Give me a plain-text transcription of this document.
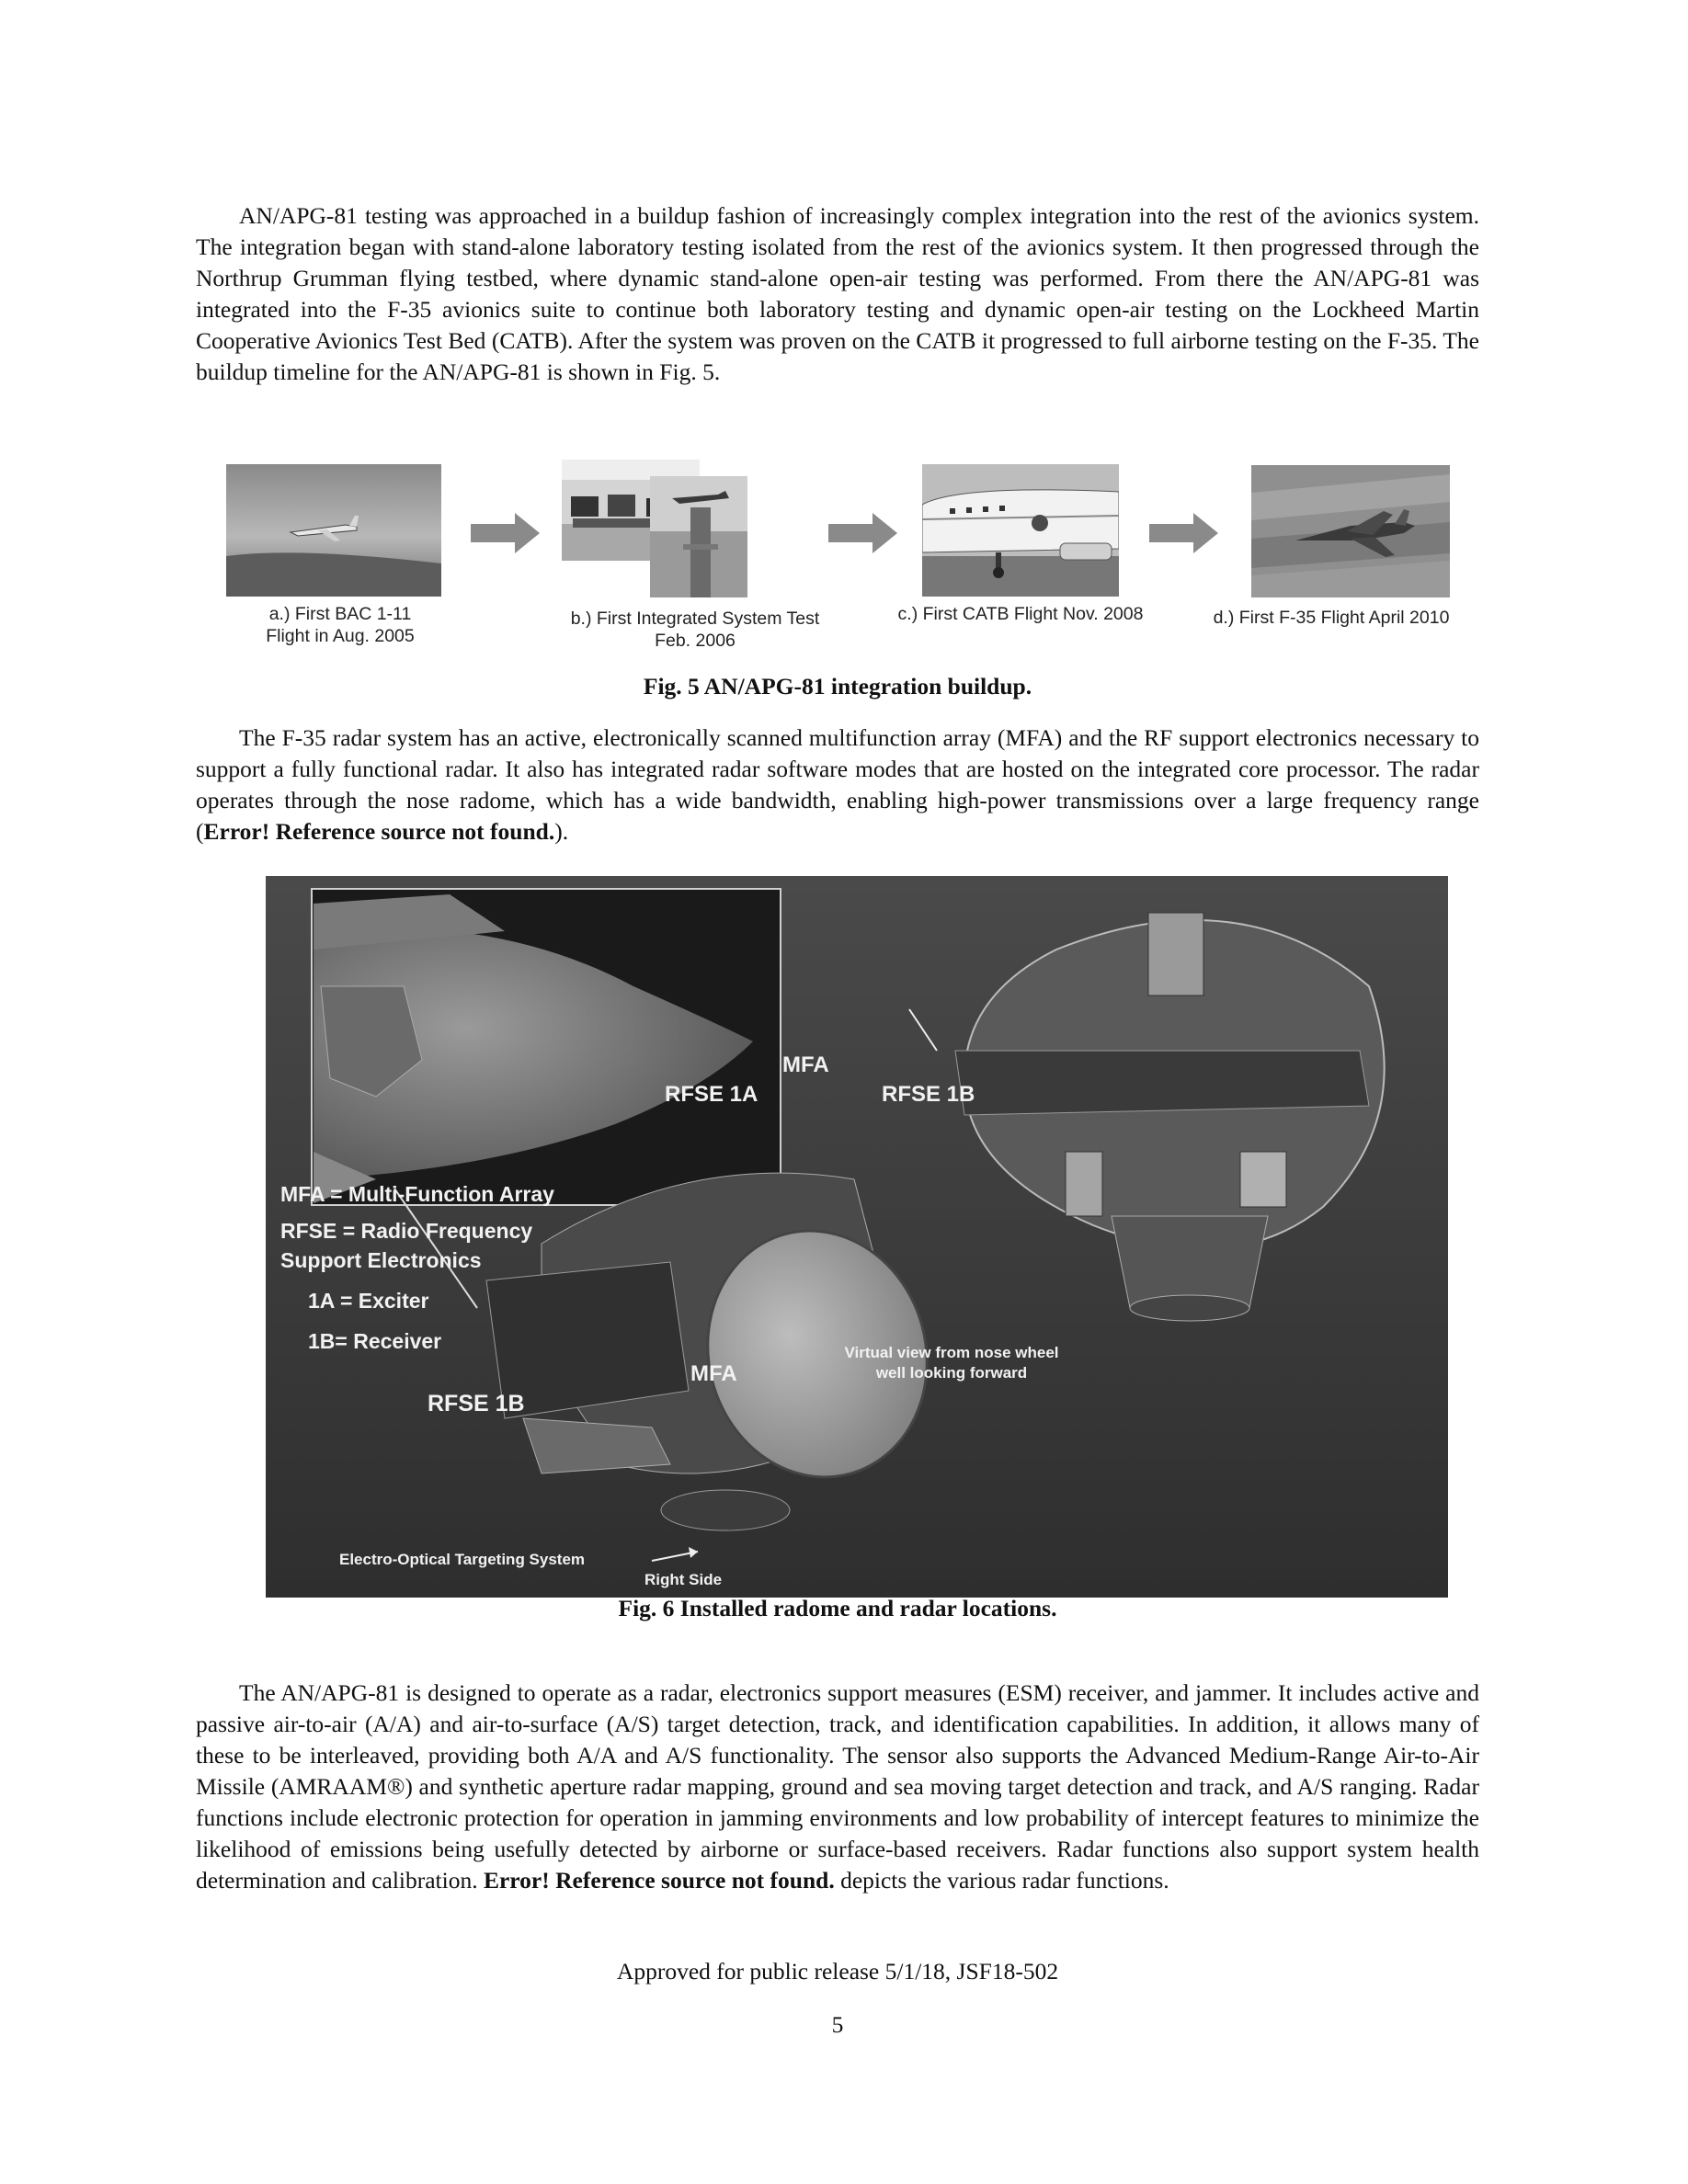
AN/APG-81 testing was approached in a buildup fashion of increasingly complex integration into the rest of the avionics system. The integration began with stand-alone laboratory testing isolated from the rest of the avionics system. It then progressed through the Northrup Grumman flying testbed, where dynamic stand-alone open-air testing was performed. From there the AN/APG-81 was integrated into the F-35 avionics suite to continue both laboratory testing and dynamic open-air testing on the Lockheed Martin Cooperative Avionics Test Bed (CATB). After the system was proven on the CATB it progressed to full airborne testing on the F-35. The buildup timeline for the AN/APG-81 is shown in Fig. 5.

a.) First BAC 1-11
Flight in Aug. 2005
b.) First Integrated System Test
Feb. 2006
c.) First CATB Flight Nov. 2008	d.) First F-35 Flight April 2010

Fig. 5 AN/APG-81 integration buildup.

The F-35 radar system has an active, electronically scanned multifunction array (MFA) and the RF support electronics necessary to support a fully functional radar. It also has integrated radar software modes that are hosted on the integrated core processor. The radar operates through the nose radome, which has a wide bandwidth, enabling high-power transmissions over a large frequency range (Error! Reference source not found.).

MFA
RFSE 1A	RFSE 1B
MFA
RFSE 1B
MFA = Multi-Function Array
RFSE = Radio Frequency
Support Electronics
1A = Exciter
1B= Receiver	Virtual view from nose wheel
well looking forward
Electro-Optical Targeting System
Right Side

Fig. 6 Installed radome and radar locations.

The AN/APG-81 is designed to operate as a radar, electronics support measures (ESM) receiver, and jammer. It includes active and passive air-to-air (A/A) and air-to-surface (A/S) target detection, track, and identification capabilities. In addition, it allows many of these to be interleaved, providing both A/A and A/S functionality. The sensor also supports the Advanced Medium-Range Air-to-Air Missile (AMRAAM®) and synthetic aperture radar mapping, ground and sea moving target detection and track, and A/S ranging. Radar functions include electronic protection for operation in jamming environments and low probability of intercept features to minimize the likelihood of emissions being usefully detected by airborne or surface-based receivers. Radar functions also support system health determination and calibration. Error! Reference source not found. depicts the various radar functions.

Approved for public release 5/1/18, JSF18-502

5
